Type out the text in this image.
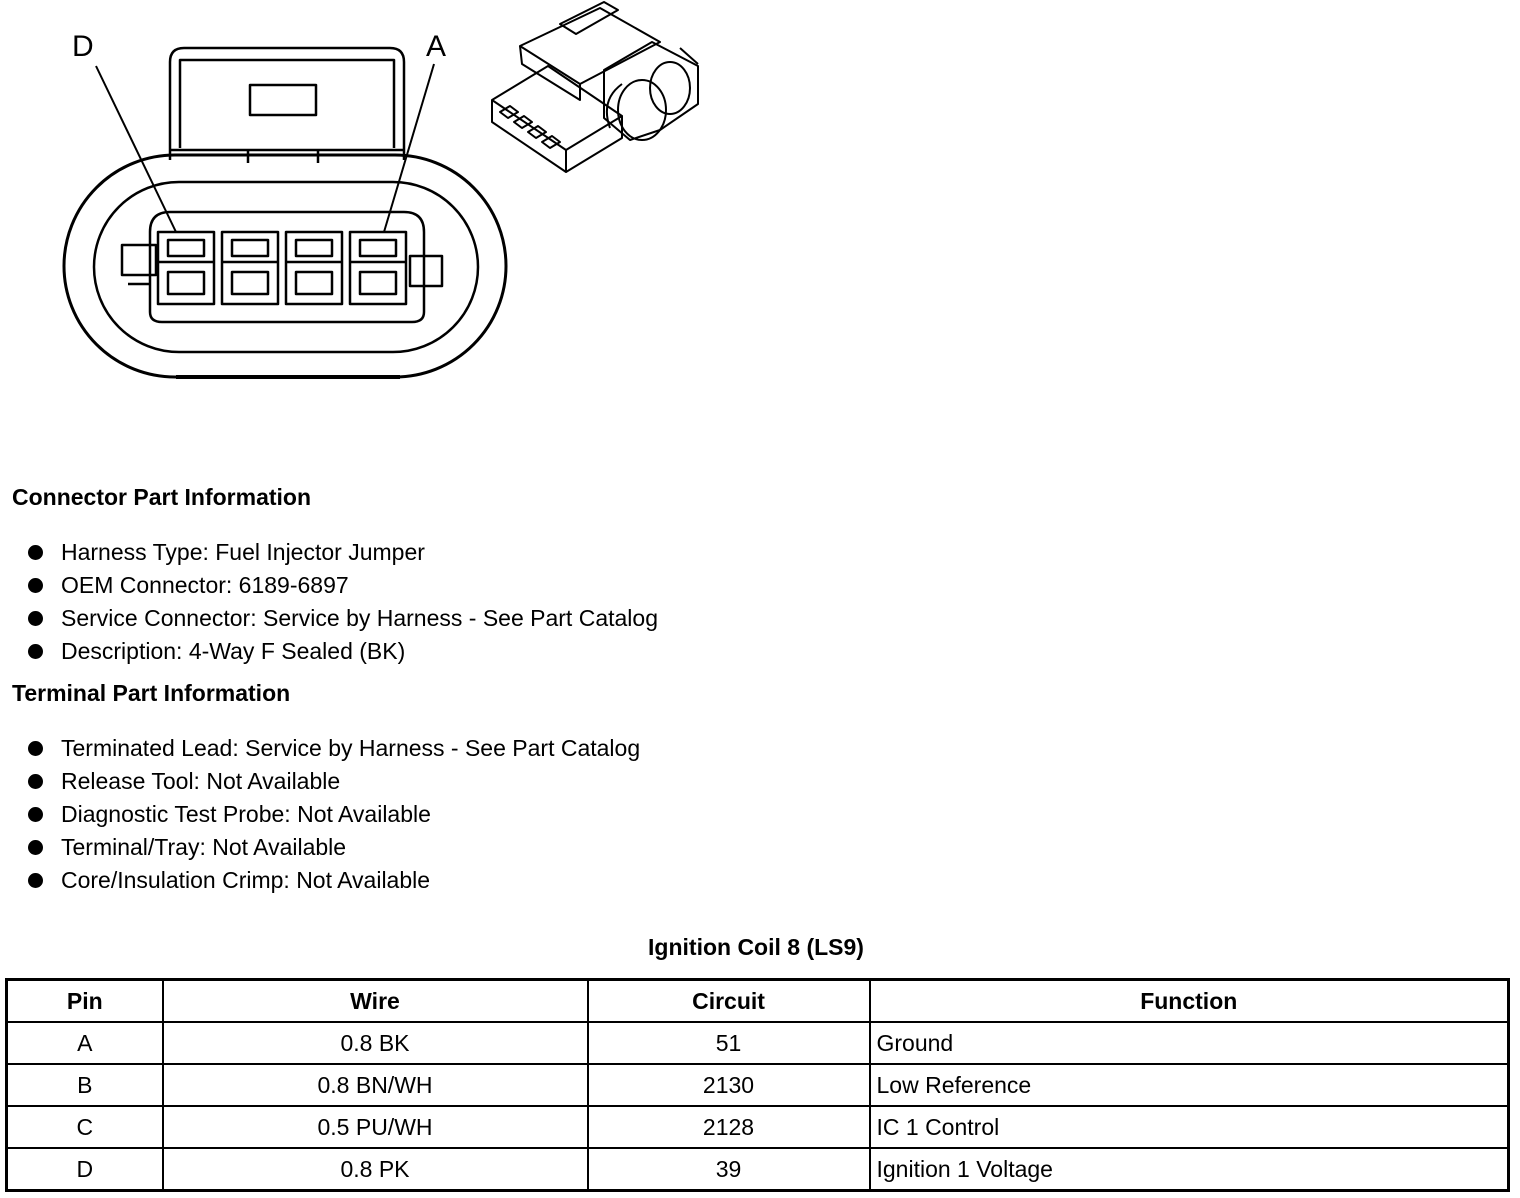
D	A
Connector Part Information
Harness Type: Fuel Injector Jumper
OEM Connector: 6189-6897
Service Connector: Service by Harness - See Part Catalog
Description: 4-Way F Sealed (BK)
Terminal Part Information
Terminated Lead: Service by Harness - See Part Catalog
Release Tool: Not Available
Diagnostic Test Probe: Not Available
Terminal/Tray: Not Available
Core/Insulation Crimp: Not Available
Ignition Coil 8 (LS9)
Pin	Wire	Circuit	Function
A	0.8 BK	51	Ground
B	0.8 BN/WH	2130	Low Reference
C	0.5 PU/WH	2128	IC 1 Control
D	0.8 PK	39	Ignition 1 Voltage
